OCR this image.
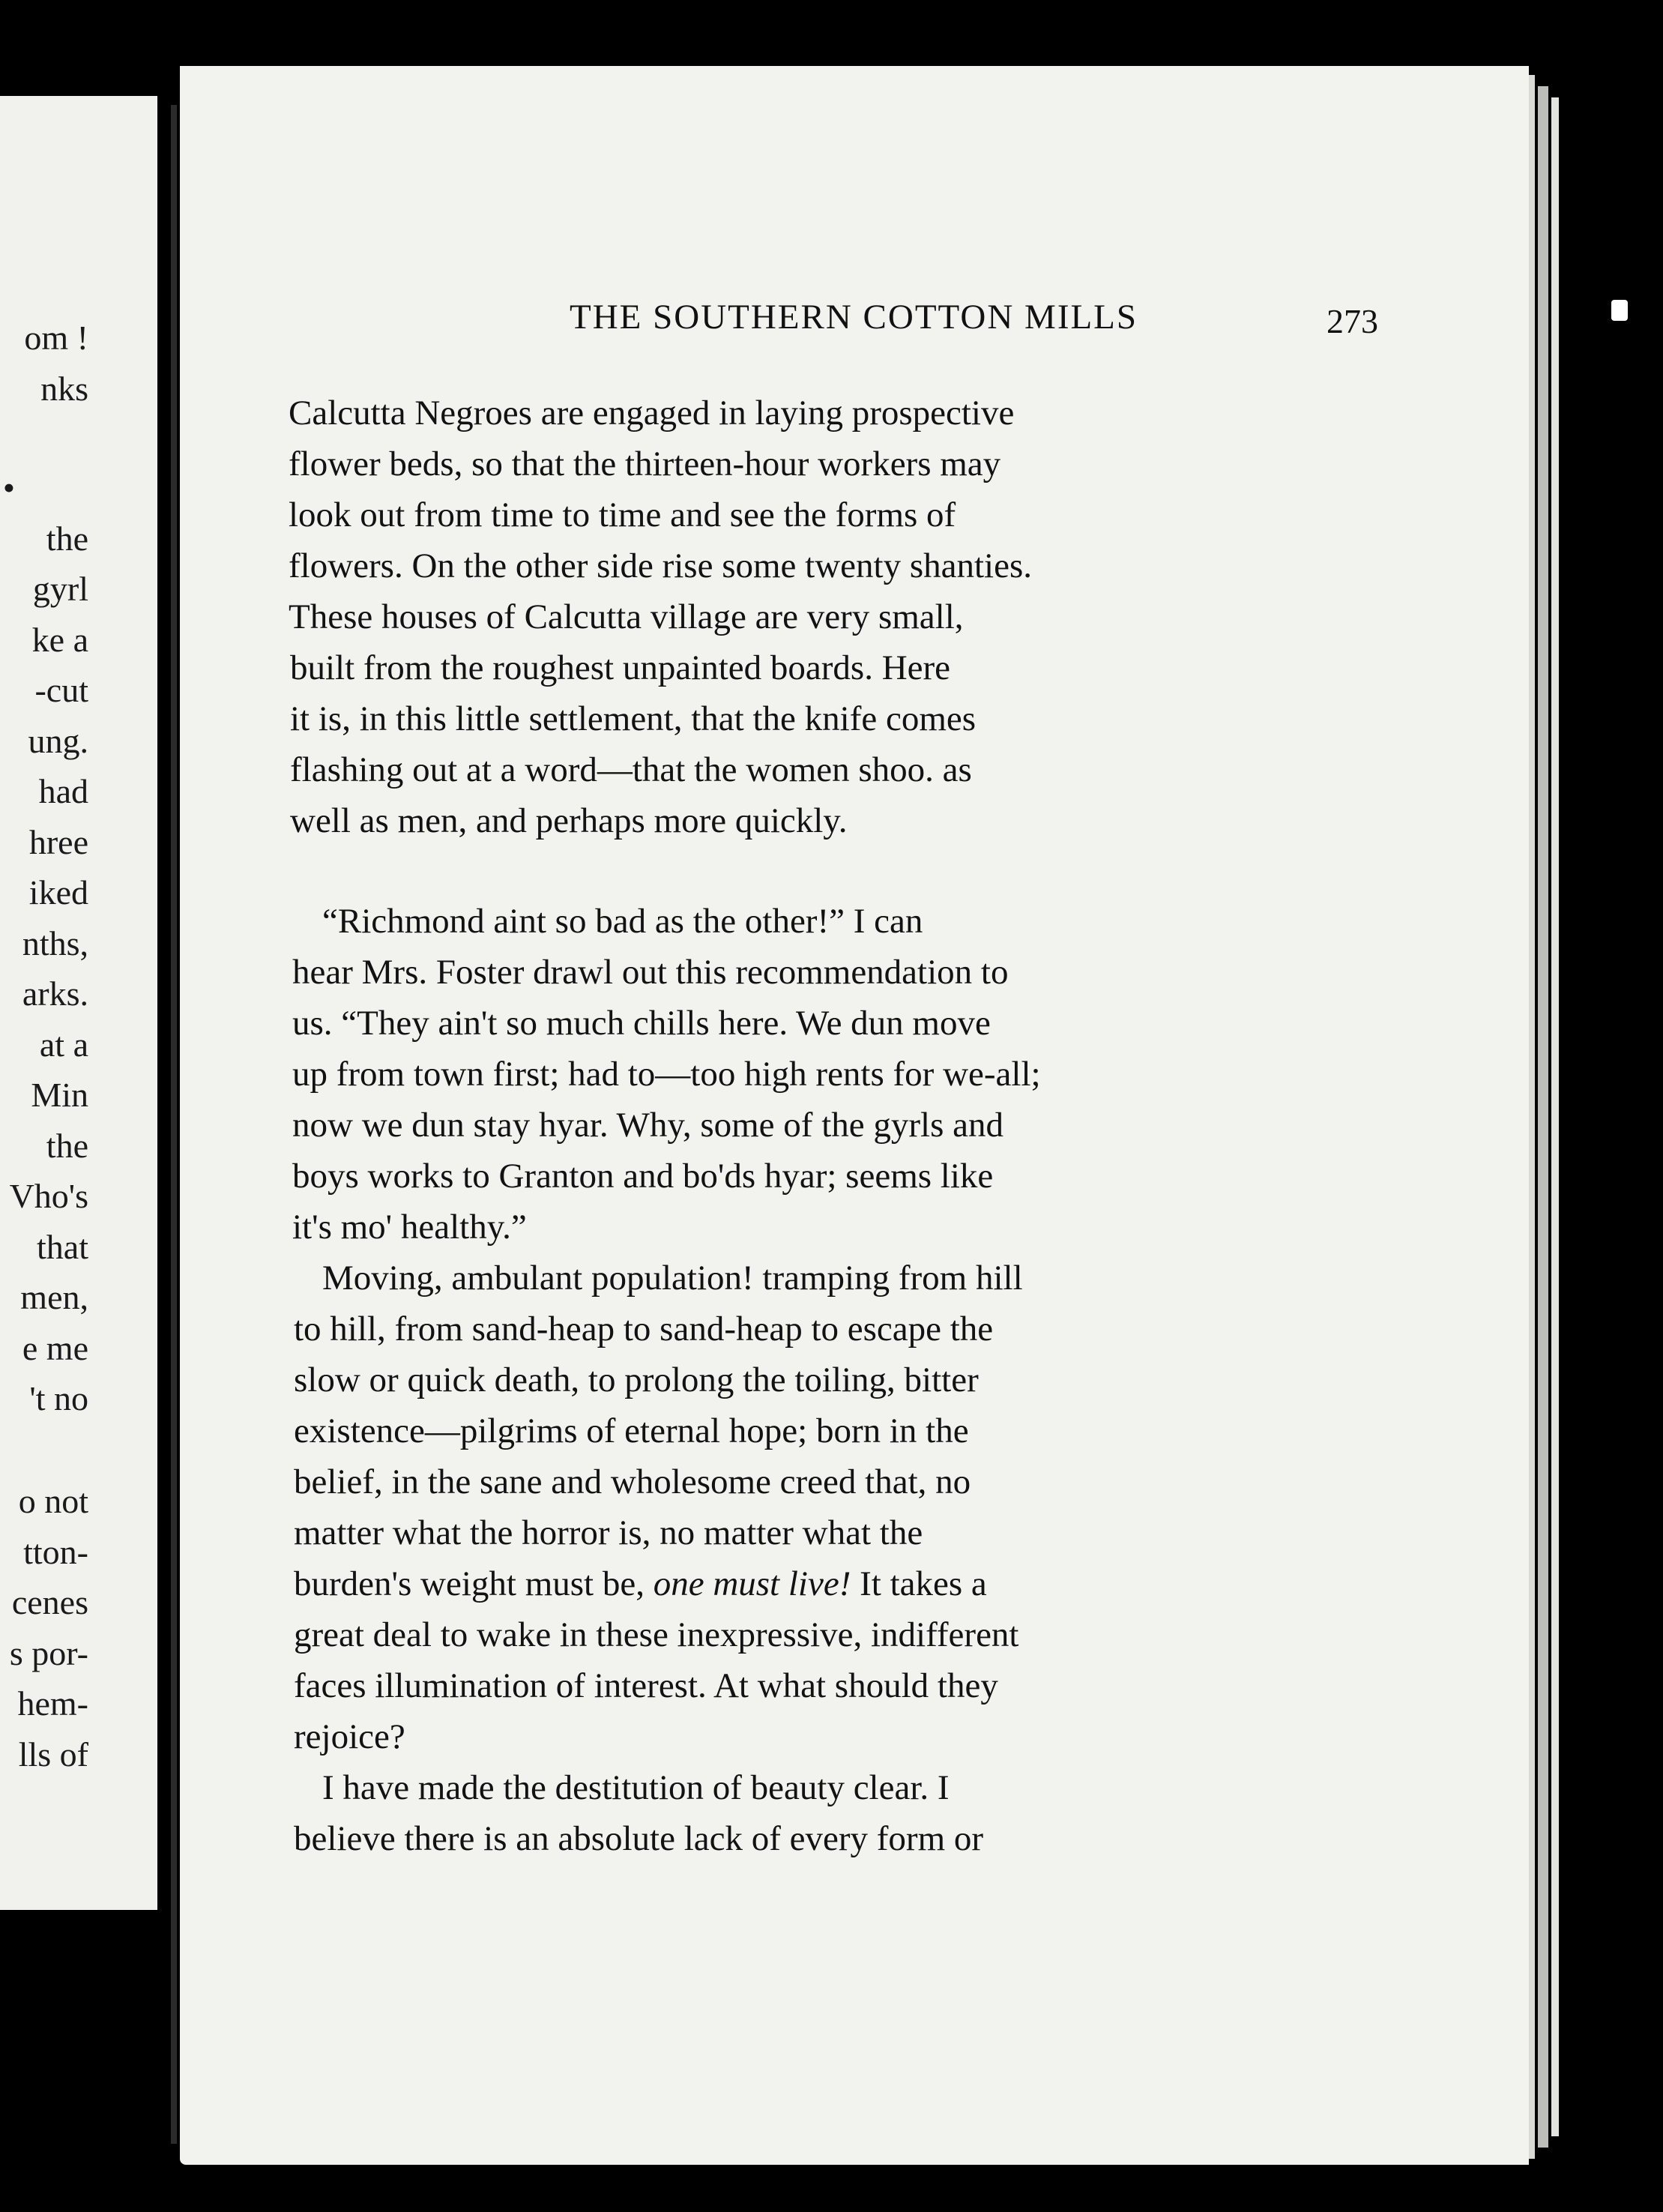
om !
nks
•
the
gyrl
ke a
-cut
ung.
had
hree
iked
nths,
arks.
at a
Min
the
Vho's
that
men,
e me
't no
o not
tton-
cenes
s por-
hem-
lls of
THE SOUTHERN COTTON MILLS	273
Calcutta Negroes are engaged in laying prospective
flower beds, so that the thirteen-hour workers may
look out from time to time and see the forms of
flowers. On the other side rise some twenty shanties.
These houses of Calcutta village are very small,
built from the roughest unpainted boards. Here
it is, in this little settlement, that the knife comes
flashing out at a word—that the women shoo. as
well as men, and perhaps more quickly.
“Richmond aint so bad as the other!” I can
hear Mrs. Foster drawl out this recommendation to
us. “They ain't so much chills here. We dun move
up from town first; had to—too high rents for we-all;
now we dun stay hyar. Why, some of the gyrls and
boys works to Granton and bo'ds hyar; seems like
it's mo' healthy.”
Moving, ambulant population! tramping from hill
to hill, from sand-heap to sand-heap to escape the
slow or quick death, to prolong the toiling, bitter
existence—pilgrims of eternal hope; born in the
belief, in the sane and wholesome creed that, no
matter what the horror is, no matter what the
burden's weight must be, one must live! It takes a
great deal to wake in these inexpressive, indifferent
faces illumination of interest. At what should they
rejoice?
I have made the destitution of beauty clear. I
believe there is an absolute lack of every form or
